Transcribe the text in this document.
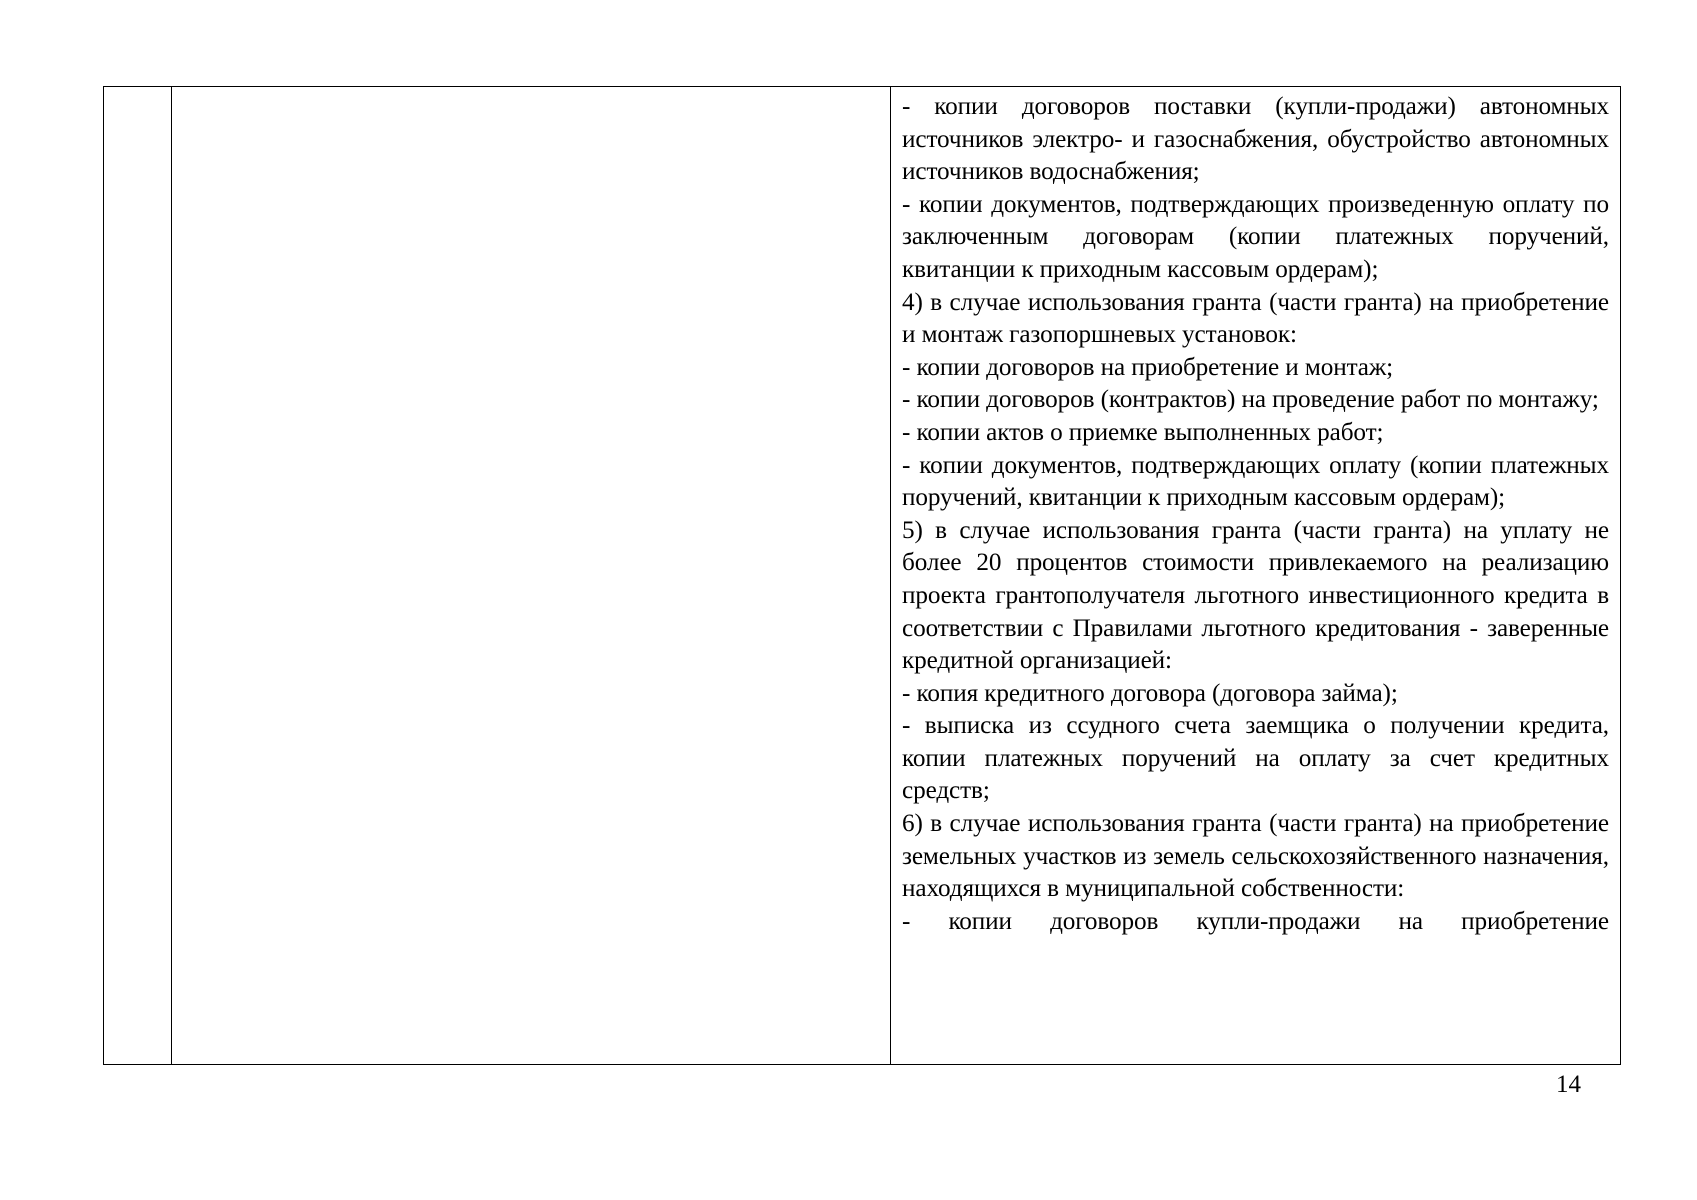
- копии договоров поставки (купли-продажи) автономных источников электро- и газоснабжения, обустройство автономных источников водоснабжения;

- копии документов, подтверждающих произведенную оплату по заключенным договорам (копии платежных поручений, квитанции к приходным кассовым ордерам);

4) в случае использования гранта (части гранта) на приобретение и монтаж газопоршневых установок:

- копии договоров на приобретение и монтаж;

- копии договоров (контрактов) на проведение работ по монтажу;

- копии актов о приемке выполненных работ;

- копии документов, подтверждающих оплату (копии платежных поручений, квитанции к приходным кассовым ордерам);

5) в случае использования гранта (части гранта) на уплату не более 20 процентов стоимости привлекаемого на реализацию проекта грантополучателя льготного инвестиционного кредита в соответствии с Правилами льготного кредитования - заверенные кредитной организацией:

- копия кредитного договора (договора займа);

- выписка из ссудного счета заемщика о получении кредита, копии платежных поручений на оплату за счет кредитных средств;

6) в случае использования гранта (части гранта) на приобретение земельных участков из земель сельскохозяйственного назначения, находящихся в муниципальной собственности:

- копии договоров купли-продажи на приобретение

14
